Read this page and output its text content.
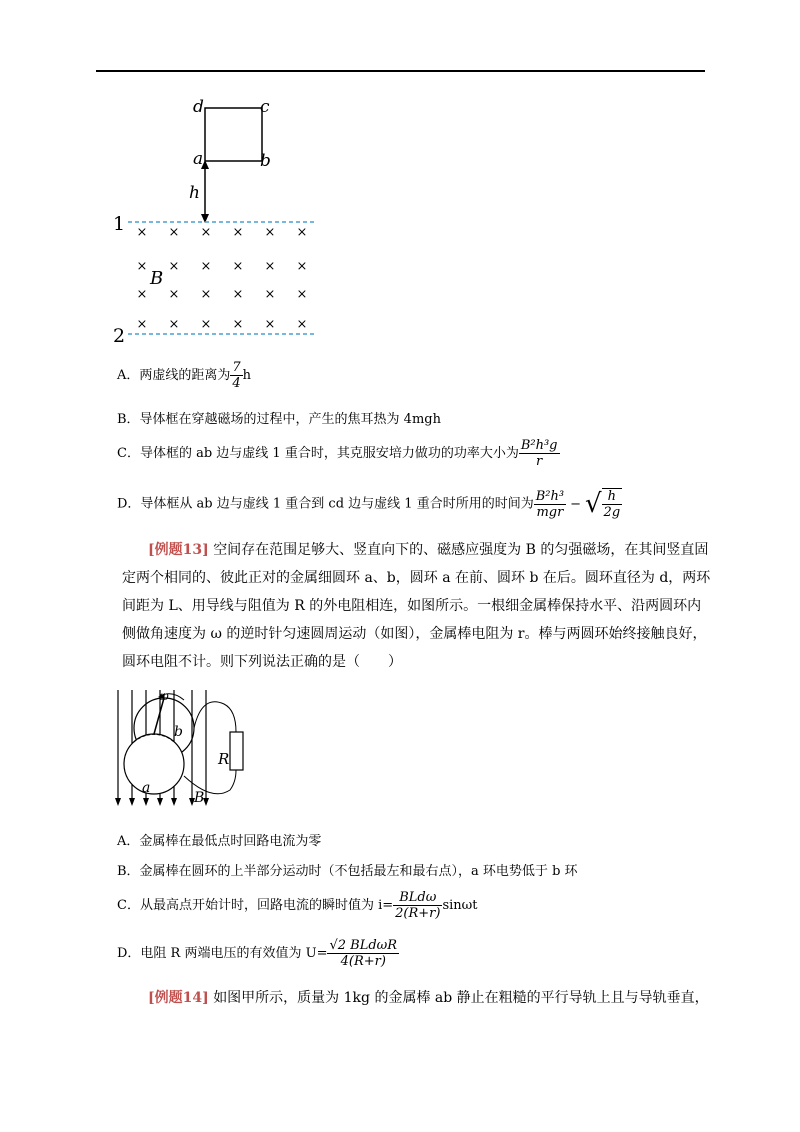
d	c
a	b
h
1
2
B
× × × × × ×
× × × × × ×
× × × × × ×
× × × × × ×
A．两虚线的距离为 $\frac{7}{4}$ h
B．导体框在穿越磁场的过程中，产生的焦耳热为 4mgh
C．导体框的 ab 边与虚线 1 重合时，其克服安培力做功的功率大小为 $\frac{\text{B²h³g}}{r}$
D．导体框从 ab 边与虚线 1 重合到 cd 边与虚线 1 重合时所用的时间为 $\frac{\text{B²h³}}{\text{mgr}}$ − √ $\frac{h}{2g}$
[例题13] 空间存在范围足够大、竖直向下的、磁感应强度为 B 的匀强磁场，在其间竖直固
定两个相同的、彼此正对的金属细圆环 a、b，圆环 a 在前、圆环 b 在后。圆环直径为 d，两环
间距为 L、用导线与阻值为 R 的外电阻相连，如图所示。一根细金属棒保持水平、沿两圆环内
侧做角速度为 ω 的逆时针匀速圆周运动（如图），金属棒电阻为 r。棒与两圆环始终接触良好，
圆环电阻不计。则下列说法正确的是（　　）
ω
b
a
R
B
A．金属棒在最低点时回路电流为零
B．金属棒在圆环的上半部分运动时（不包括最左和最右点），a 环电势低于 b 环
C．从最高点开始计时，回路电流的瞬时值为 $i= \frac{\text{BLdω}}{2(R+r)}$ sinωt
D．电阻 R 两端电压的有效值为 $U= \frac{\text{√2 BLdωR}}{4(R+r)}$
[例题14] 如图甲所示，质量为 1kg 的金属棒 ab 静止在粗糙的平行导轨上且与导轨垂直，
